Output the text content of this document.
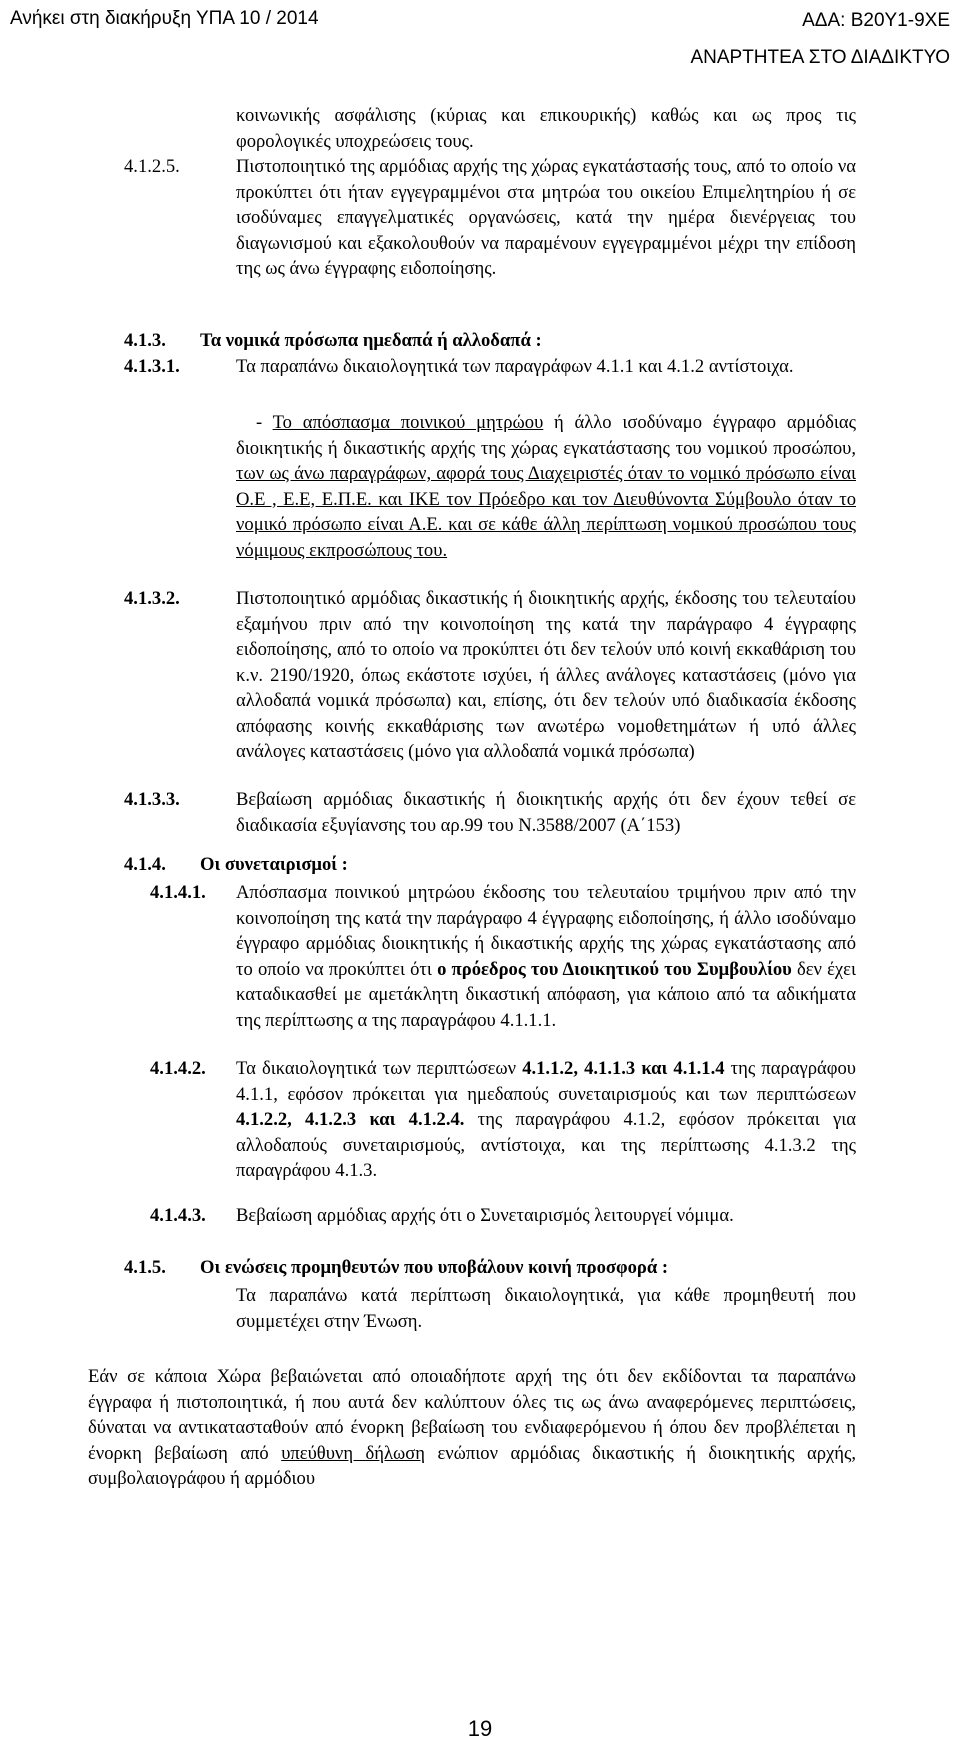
Ανήκει στη διακήρυξη ΥΠΑ 10 / 2014	ΑΔΑ: Β20Υ1-9ΧΕ
ΑΝΑΡΤΗΤΕΑ ΣΤΟ ΔΙΑΔΙΚΤΥΟ
κοινωνικής ασφάλισης (κύριας και επικουρικής) καθώς και ως προς τις φορολογικές υποχρεώσεις τους.
4.1.2.5.	Πιστοποιητικό της αρμόδιας αρχής της χώρας εγκατάστασής τους, από το οποίο να προκύπτει ότι ήταν εγγεγραμμένοι στα μητρώα του οικείου Επιμελητηρίου ή σε ισοδύναμες επαγγελματικές οργανώσεις, κατά την ημέρα διενέργειας του διαγωνισμού και εξακολουθούν να παραμένουν εγγεγραμμένοι μέχρι την επίδοση της ως άνω έγγραφης ειδοποίησης.
4.1.3. Τα νομικά πρόσωπα ημεδαπά ή αλλοδαπά :
4.1.3.1.	Τα παραπάνω δικαιολογητικά των παραγράφων 4.1.1 και 4.1.2 αντίστοιχα.
- Το απόσπασμα ποινικού μητρώου ή άλλο ισοδύναμο έγγραφο αρμόδιας διοικητικής ή δικαστικής αρχής της χώρας εγκατάστασης του νομικού προσώπου, των ως άνω παραγράφων, αφορά τους Διαχειριστές όταν το νομικό πρόσωπο είναι Ο.Ε , Ε.Ε, Ε.Π.Ε. και ΙΚΕ τον Πρόεδρο και τον Διευθύνοντα Σύμβουλο όταν το νομικό πρόσωπο είναι Α.Ε. και σε κάθε άλλη περίπτωση νομικού προσώπου τους νόμιμους εκπροσώπους του.
4.1.3.2.	Πιστοποιητικό αρμόδιας δικαστικής ή διοικητικής αρχής, έκδοσης του τελευταίου εξαμήνου πριν από την κοινοποίηση της κατά την παράγραφο 4 έγγραφης ειδοποίησης, από το οποίο να προκύπτει ότι δεν τελούν υπό κοινή εκκαθάριση του κ.ν. 2190/1920, όπως εκάστοτε ισχύει, ή άλλες ανάλογες καταστάσεις (μόνο για αλλοδαπά νομικά πρόσωπα) και, επίσης, ότι δεν τελούν υπό διαδικασία έκδοσης απόφασης κοινής εκκαθάρισης των ανωτέρω νομοθετημάτων ή υπό άλλες ανάλογες καταστάσεις (μόνο για αλλοδαπά νομικά πρόσωπα)
4.1.3.3.	Βεβαίωση αρμόδιας δικαστικής ή διοικητικής αρχής ότι δεν έχουν τεθεί σε διαδικασία εξυγίανσης του αρ.99 του Ν.3588/2007 (Α΄153)
4.1.4. Οι συνεταιρισμοί :
4.1.4.1. Απόσπασμα ποινικού μητρώου έκδοσης του τελευταίου τριμήνου πριν από την κοινοποίηση της κατά την παράγραφο 4 έγγραφης ειδοποίησης, ή άλλο ισοδύναμο έγγραφο αρμόδιας διοικητικής ή δικαστικής αρχής της χώρας εγκατάστασης από το οποίο να προκύπτει ότι ο πρόεδρος του Διοικητικού του Συμβουλίου δεν έχει καταδικασθεί με αμετάκλητη δικαστική απόφαση, για κάποιο από τα αδικήματα της περίπτωσης α της παραγράφου 4.1.1.1.
4.1.4.2. Τα δικαιολογητικά των περιπτώσεων 4.1.1.2, 4.1.1.3 και 4.1.1.4 της παραγράφου 4.1.1, εφόσον πρόκειται για ημεδαπούς συνεταιρισμούς και των περιπτώσεων 4.1.2.2, 4.1.2.3 και 4.1.2.4. της παραγράφου 4.1.2, εφόσον πρόκειται για αλλοδαπούς συνεταιρισμούς, αντίστοιχα, και της περίπτωσης 4.1.3.2 της παραγράφου 4.1.3.
4.1.4.3. Βεβαίωση αρμόδιας αρχής ότι ο Συνεταιρισμός λειτουργεί νόμιμα.
4.1.5. Οι ενώσεις προμηθευτών που υποβάλουν κοινή προσφορά :
Τα παραπάνω κατά περίπτωση δικαιολογητικά, για κάθε προμηθευτή που συμμετέχει στην Ένωση.
Εάν σε κάποια Χώρα βεβαιώνεται από οποιαδήποτε αρχή της ότι δεν εκδίδονται τα παραπάνω έγγραφα ή πιστοποιητικά, ή που αυτά δεν καλύπτουν όλες τις ως άνω αναφερόμενες περιπτώσεις, δύναται να αντικατασταθούν από ένορκη βεβαίωση του ενδιαφερόμενου ή όπου δεν προβλέπεται η ένορκη βεβαίωση από υπεύθυνη δήλωση ενώπιον αρμόδιας δικαστικής ή διοικητικής αρχής, συμβολαιογράφου ή αρμόδιου
19
